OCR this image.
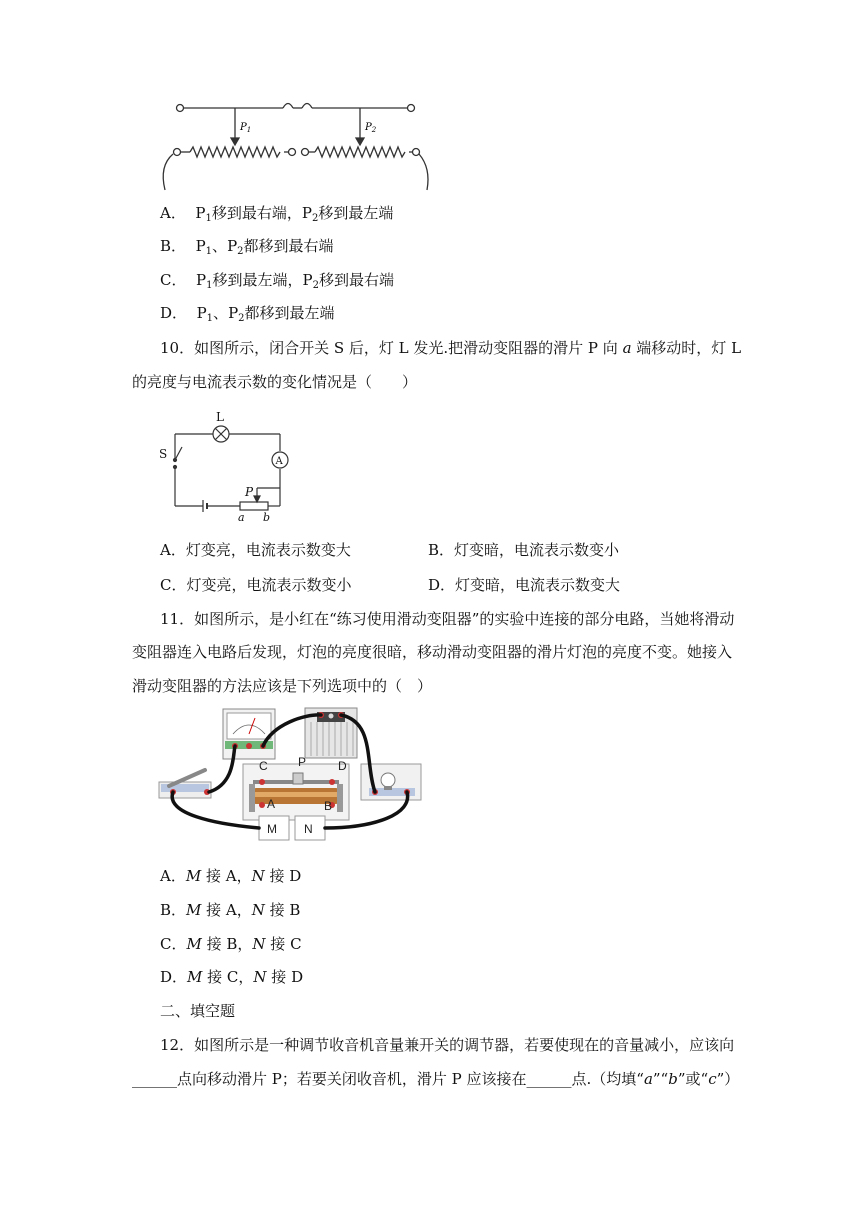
$P_1$	$P_2$
A． $P_1$移到最右端，$P_2$移到最左端
B． $P_1$、$P_2$都移到最右端
C． $P_1$移到最左端，$P_2$移到最右端
D． $P_1$、$P_2$都移到最左端
10．如图所示，闭合开关 S 后，灯 L 发光.把滑动变阻器的滑片 P 向 a 端移动时，灯 L
的亮度与电流表示数的变化情况是（　　）
L
A
S
P
a b
A．灯变亮，电流表示数变大	B．灯变暗，电流表示数变小
C．灯变亮，电流表示数变小	D．灯变暗，电流表示数变大
11．如图所示，是小红在“练习使用滑动变阻器”的实验中连接的部分电路，当她将滑动
变阻器连入电路后发现，灯泡的亮度很暗，移动滑动变阻器的滑片灯泡的亮度不变。她接入
滑动变阻器的方法应该是下列选项中的（　）
C	P	D
A	B
M N
A．M 接 A，N 接 D
B．M 接 A，N 接 B
C．M 接 B，N 接 C
D．M 接 C，N 接 D
二、填空题
12．如图所示是一种调节收音机音量兼开关的调节器，若要使现在的音量减小，应该向
______点向移动滑片 P；若要关闭收音机，滑片 P 应该接在______点.（均填“a”“b”或“c”）
